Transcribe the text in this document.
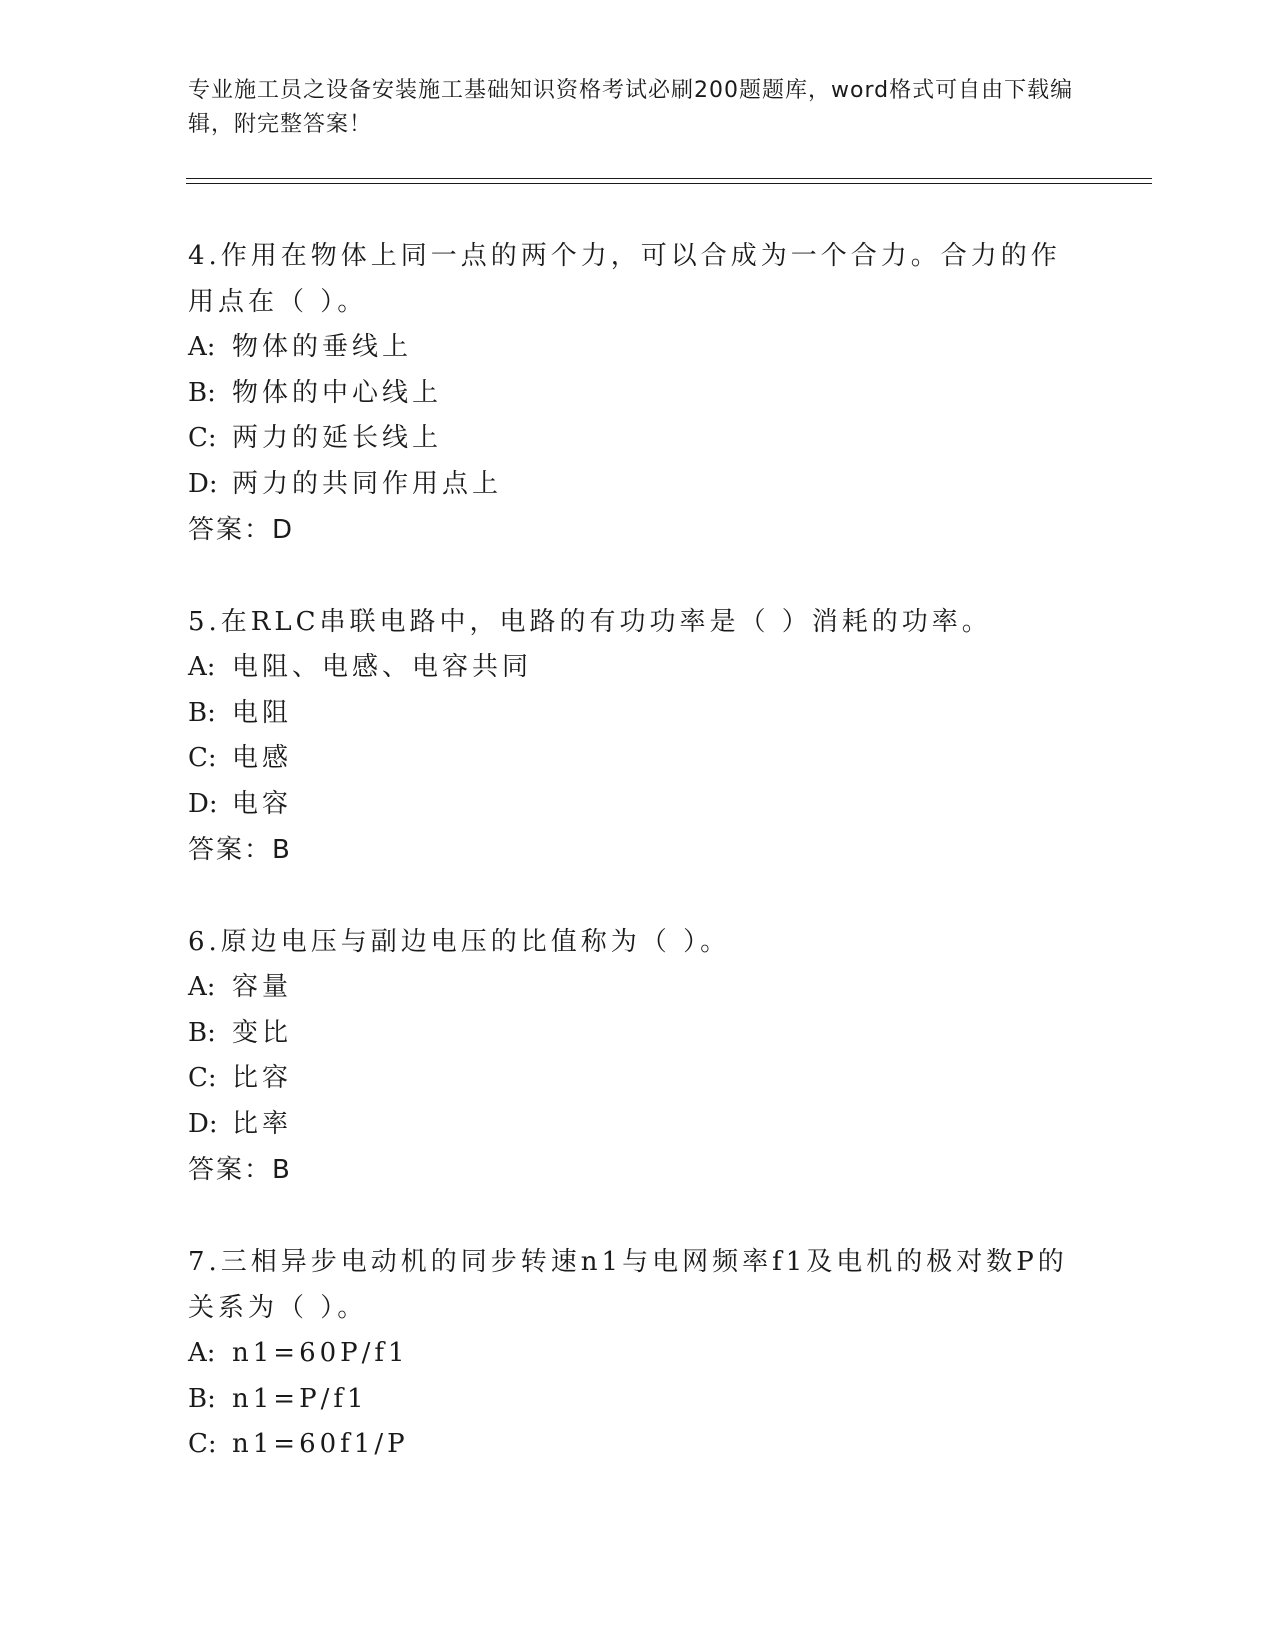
专业施工员之设备安装施工基础知识资格考试必刷200题题库，word格式可自由下载编辑，附完整答案！
4.作用在物体上同一点的两个力，可以合成为一个合力。合力的作用点在（ ）。
A: 物体的垂线上
B: 物体的中心线上
C: 两力的延长线上
D: 两力的共同作用点上
答案：D
5.在RLC串联电路中，电路的有功功率是（ ）消耗的功率。
A: 电阻、电感、电容共同
B: 电阻
C: 电感
D: 电容
答案：B
6.原边电压与副边电压的比值称为（ ）。
A: 容量
B: 变比
C: 比容
D: 比率
答案：B
7.三相异步电动机的同步转速n1与电网频率f1及电机的极对数P的关系为（ ）。
A: n1=60P/f1
B: n1=P/f1
C: n1=60f1/P
